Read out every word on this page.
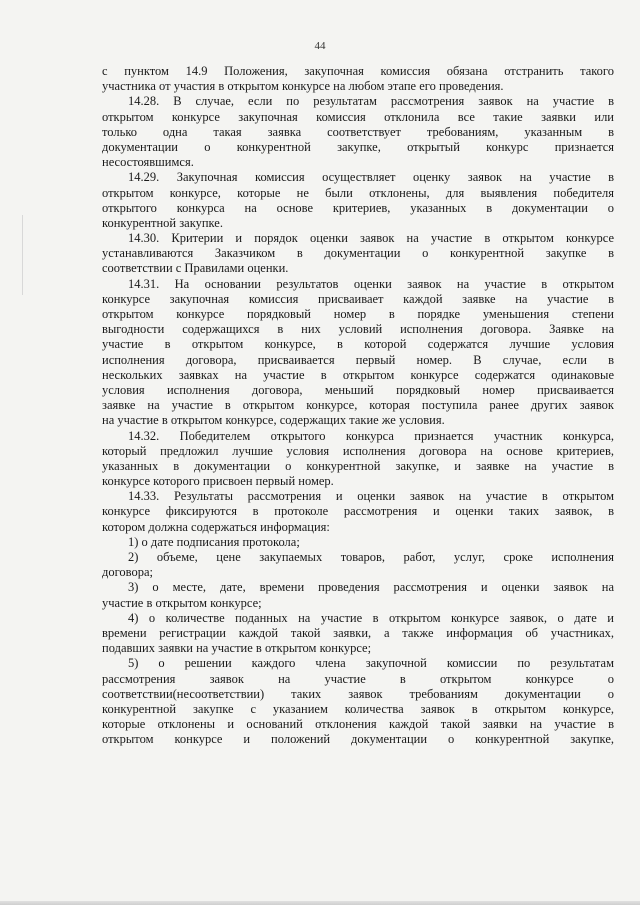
44
с пунктом 14.9 Положения, закупочная комиссия обязана отстранить такого
участника от участия в открытом конкурсе на любом этапе его проведения.
14.28. В случае, если по результатам рассмотрения заявок на участие в
открытом конкурсе закупочная комиссия отклонила все такие заявки или
только одна такая заявка соответствует требованиям, указанным в
документации о конкурентной закупке, открытый конкурс признается
несостоявшимся.
14.29. Закупочная комиссия осуществляет оценку заявок на участие в
открытом конкурсе, которые не были отклонены, для выявления победителя
открытого конкурса на основе критериев, указанных в документации о
конкурентной закупке.
14.30. Критерии и порядок оценки заявок на участие в открытом конкурсе
устанавливаются Заказчиком в документации о конкурентной закупке в
соответствии с Правилами оценки.
14.31. На основании результатов оценки заявок на участие в открытом
конкурсе закупочная комиссия присваивает каждой заявке на участие в
открытом конкурсе порядковый номер в порядке уменьшения степени
выгодности содержащихся в них условий исполнения договора. Заявке на
участие в открытом конкурсе, в которой содержатся лучшие условия
исполнения договора, присваивается первый номер. В случае, если в
нескольких заявках на участие в открытом конкурсе содержатся одинаковые
условия исполнения договора, меньший порядковый номер присваивается
заявке на участие в открытом конкурсе, которая поступила ранее других заявок
на участие в открытом конкурсе, содержащих такие же условия.
14.32. Победителем открытого конкурса признается участник конкурса,
который предложил лучшие условия исполнения договора на основе критериев,
указанных в документации о конкурентной закупке, и заявке на участие в
конкурсе которого присвоен первый номер.
14.33. Результаты рассмотрения и оценки заявок на участие в открытом
конкурсе фиксируются в протоколе рассмотрения и оценки таких заявок, в
котором должна содержаться информация:
1) о дате подписания протокола;
2) объеме, цене закупаемых товаров, работ, услуг, сроке исполнения
договора;
3) о месте, дате, времени проведения рассмотрения и оценки заявок на
участие в открытом конкурсе;
4) о количестве поданных на участие в открытом конкурсе заявок, о дате и
времени регистрации каждой такой заявки, а также информация об участниках,
подавших заявки на участие в открытом конкурсе;
5) о решении каждого члена закупочной комиссии по результатам
рассмотрения заявок на участие в открытом конкурсе о
соответствии(несоответствии) таких заявок требованиям документации о
конкурентной закупке с указанием количества заявок в открытом конкурсе,
которые отклонены и оснований отклонения каждой такой заявки на участие в
открытом конкурсе и положений документации о конкурентной закупке,
